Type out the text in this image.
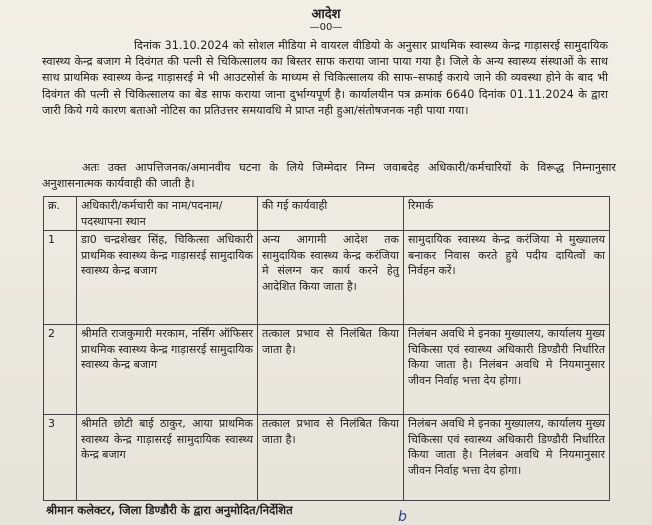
आदेश
—00—

दिनांक 31.10.2024 को सोशल मीडिया मे वायरल वीडियो के अनुसार प्राथमिक स्वास्थ्य केन्द्र गाड़ासरई सामुदायिक स्वास्थ्य केन्द्र बजाग मे दिवंगत की पत्नी से चिकित्सालय का बिस्तर साफ कराया जाना पाया गया है। जिले के अन्य स्वास्थ्य संस्थाओं के साथ साथ प्राथमिक स्वास्थ्य केन्द्र गाड़ासरई मे भी आउटसोर्स के माध्यम से चिकित्सालय की साफ–सफाई कराये जाने की व्यवस्था होने के बाद भी दिवंगत की पत्नी से चिकित्सालय का बेड साफ कराया जाना दुर्भाग्यपूर्ण है। कार्यालयीन पत्र क्रमांक 6640 दिनांक 01.11.2024 के द्वारा जारी किये गये कारण बताओ नोटिस का प्रतिउत्तर समयावधि मे प्राप्त नही हुआ/संतोषजनक नही पाया गया।

अतः उक्त आपत्तिजनक/अमानवीय घटना के लिये जिम्मेदार निम्न जवाबदेह अधिकारी/कर्मचारियों के विरूद्ध निम्नानुसार अनुशासनात्मक कार्यवाही की जाती है।

क्र.	अधिकारी/कर्मचारी का नाम/पदनाम/पदस्थापना स्थान	की गई कार्यवाही	रिमार्क
1	डा0 चन्द्रशेखर सिंह, चिकित्सा अधिकारी प्राथमिक स्वास्थ्य केन्द्र गाड़ासरई सामुदायिक स्वास्थ्य केन्द्र बजाग	अन्य आगामी आदेश तक सामुदायिक स्वास्थ्य केन्द्र करंजिया मे संलग्न कर कार्य करने हेतु आदेशित किया जाता है।	सामुदायिक स्वास्थ्य केन्द्र करंजिया मे मुख्यालय बनाकर निवास करते हुये पदीय दायित्वों का निर्वहन करें।
2	श्रीमति राजकुमारी मरकाम, नर्सिंग ऑफिसर प्राथमिक स्वास्थ्य केन्द्र गाड़ासरई सामुदायिक स्वास्थ्य केन्द्र बजाग	तत्काल प्रभाव से निलंबित किया जाता है।	निलंबन अवधि मे इनका मुख्यालय, कार्यालय मुख्य चिकित्सा एवं स्वास्थ्य अधिकारी डिण्डौरी निर्धारित किया जाता है। निलंबन अवधि मे नियमानुसार जीवन निर्वाह भत्ता देय होगा।
3	श्रीमति छोटी बाई ठाकुर, आया प्राथमिक स्वास्थ्य केन्द्र गाड़ासरई सामुदायिक स्वास्थ्य केन्द्र बजाग	तत्काल प्रभाव से निलंबित किया जाता है।	निलंबन अवधि मे इनका मुख्यालय, कार्यालय मुख्य चिकित्सा एवं स्वास्थ्य अधिकारी डिण्डौरी निर्धारित किया जाता है। निलंबन अवधि मे नियमानुसार जीवन निर्वाह भत्ता देय होगा।
श्रीमान कलेक्टर, जिला डिण्डौरी के द्वारा अनुमोदित/निर्देशित	b
